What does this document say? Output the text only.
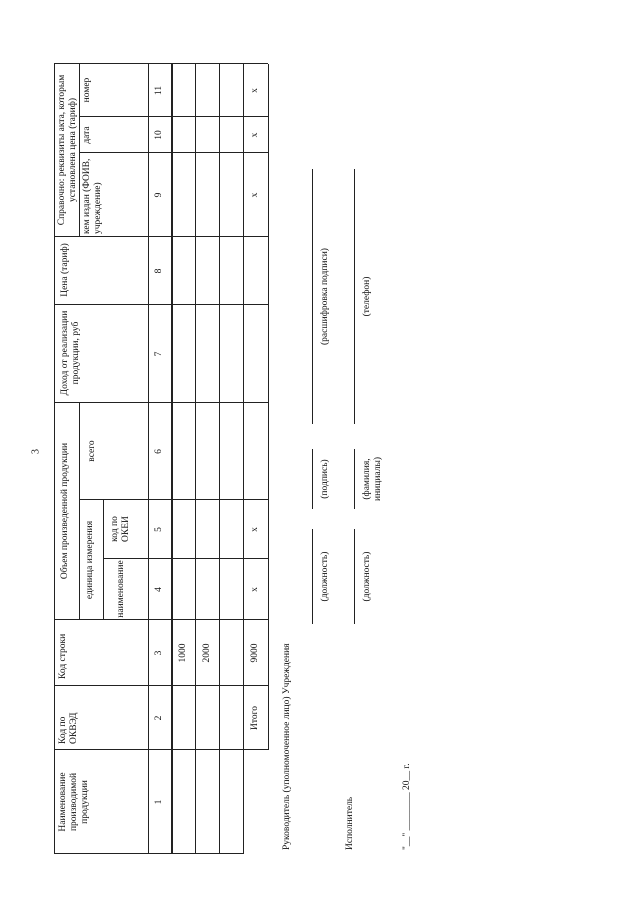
3
Наименование производимой продукции
Код по ОКВЭД
Код строки
Объем произведенной продукции единица измерения наименование
код по ОКЕИ
всего
Доход от реализации продукции, руб
Цена (тариф)
Справочно: реквизиты акта, которым установлена цена (тариф) кем издан (ФОИВ, учреждение)
дата
номер
1
2
3
4
5
6
7
8
9
10
11
1000 2000
Итого
9000
x
x
x
x
x
Руководитель (уполномоченное лицо) Учреждения
(должность)
(подпись)
(расшифровка подписи)
Исполнитель
(должность)
(фамилия, инициалы)
(телефон)
"__" ________ 20__ г.
